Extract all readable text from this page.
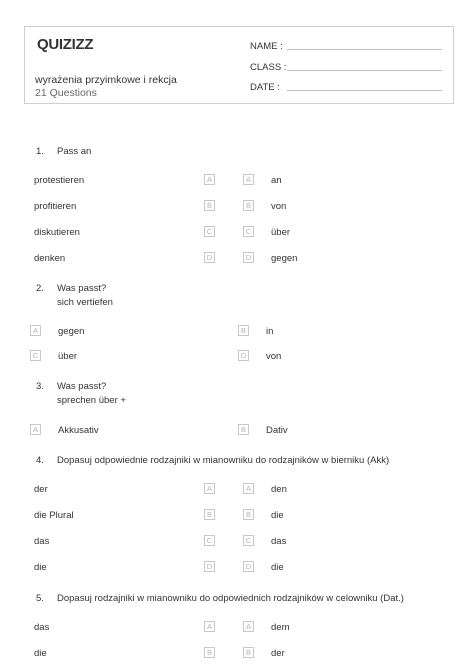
QUIZIZZ
wyrażenia przyimkowe i rekcja
21 Questions
NAME :
CLASS :
DATE :
1. Pass an
protestieren	A	A	an
profitieren	B	B	von
diskutieren	C	C über
denken	D	D gegen
2. Was passt?
sich vertiefen
A	gegen	B	in
C über	D von
3. Was passt?
sprechen über +
A	Akkusativ	B	Dativ
4. Dopasuj odpowiednie rodzajniki w mianowniku do rodzajników w bierniku (Akk)
der	A	A	den
die Plural	B	B	die
das	C	C das
die	D	D die
5. Dopasuj rodzajniki w mianowniku do odpowiednich rodzajników w celowniku (Dat.)
das	A	A	dem
die	B	B	der
